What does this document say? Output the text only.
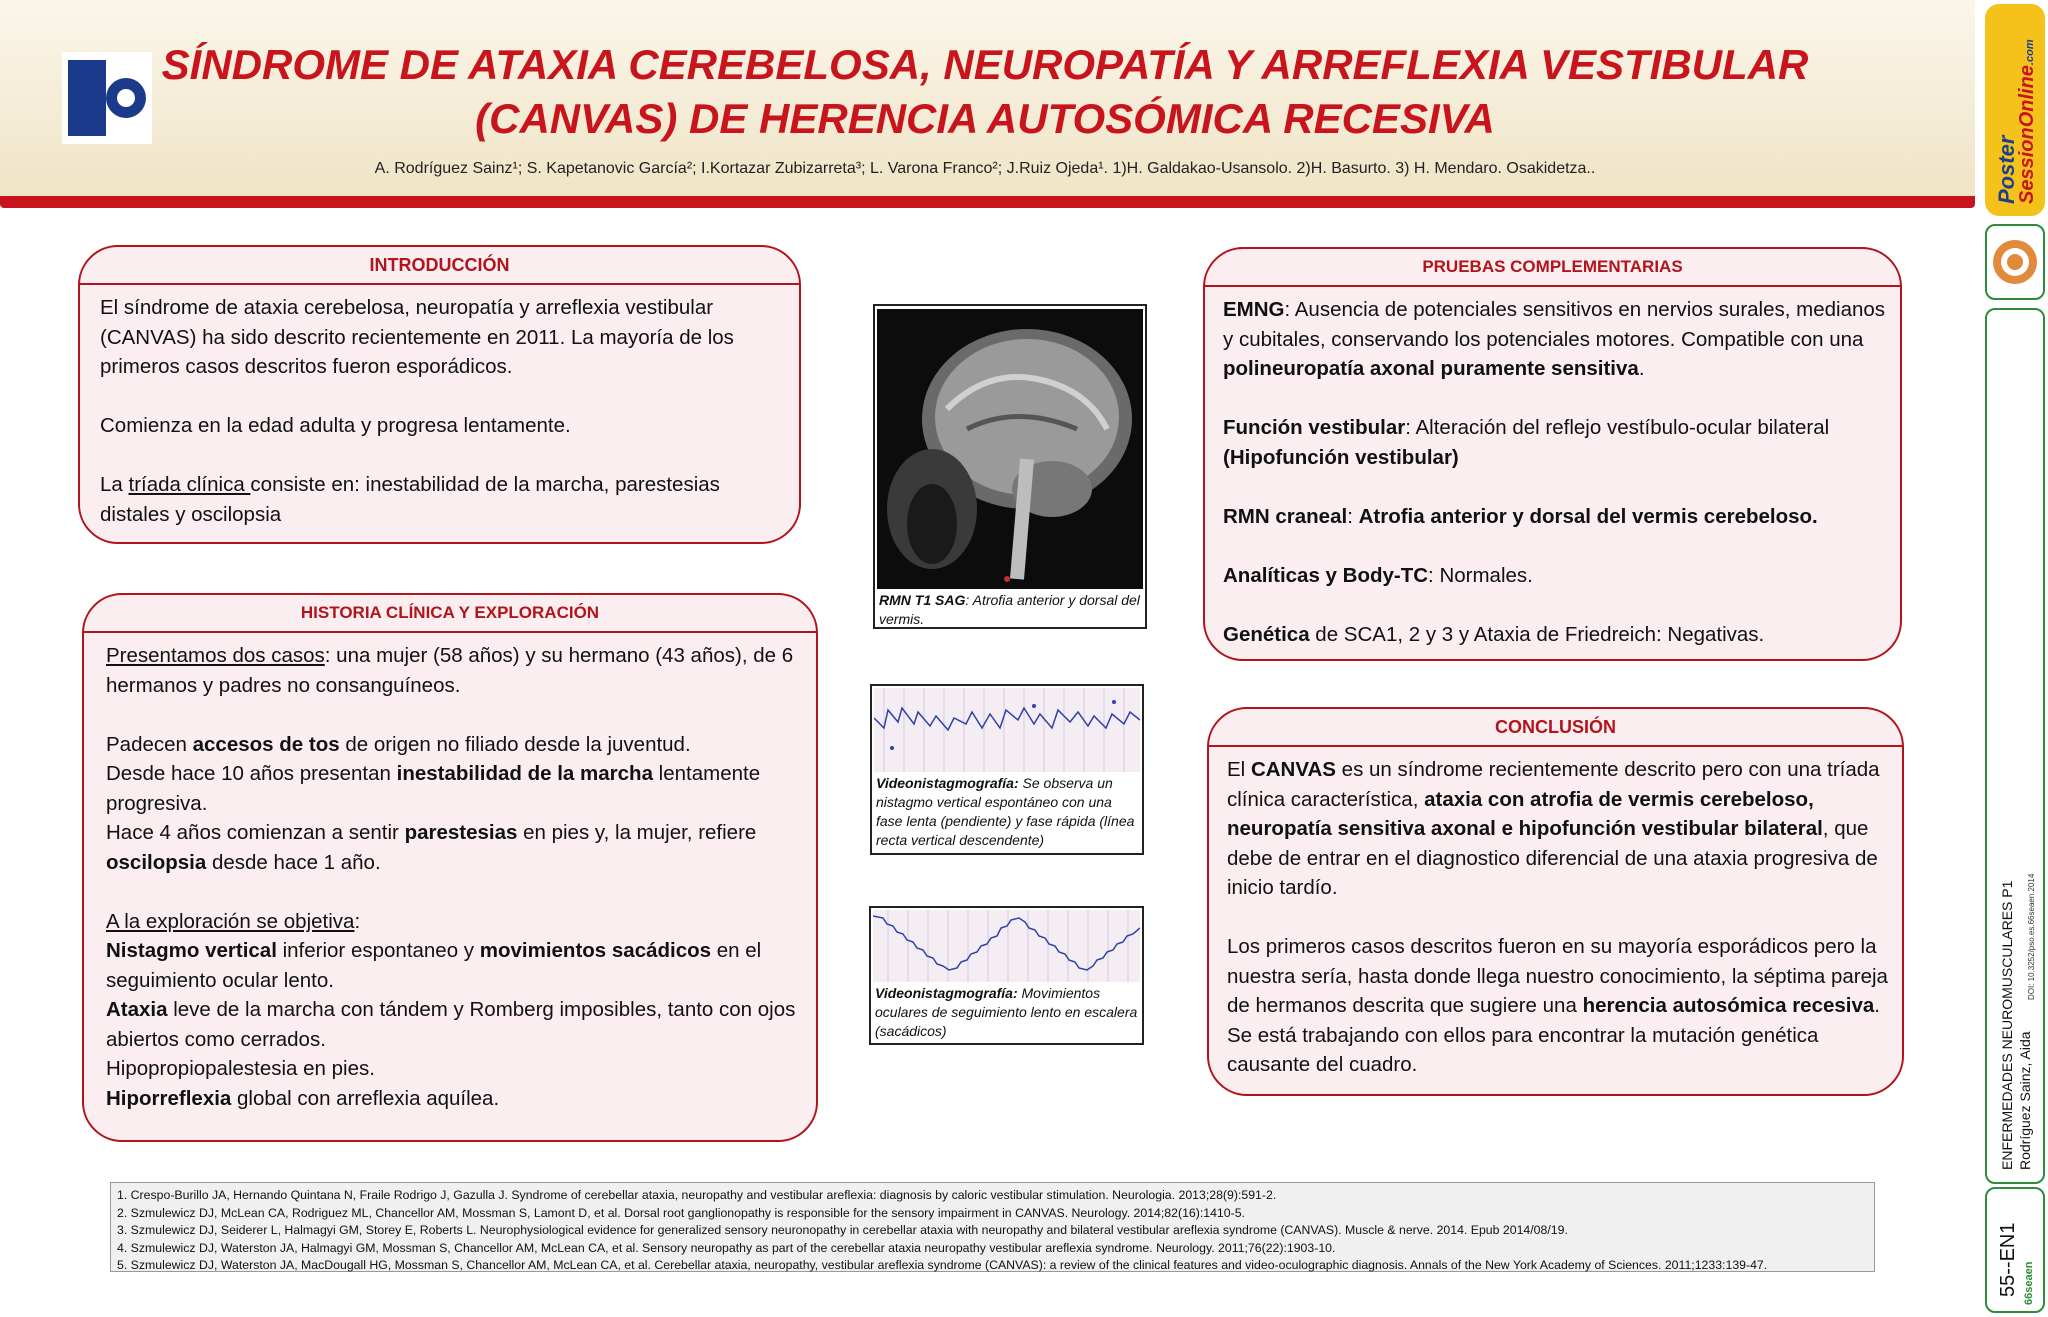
SÍNDROME DE ATAXIA CEREBELOSA, NEUROPATÍA Y ARREFLEXIA VESTIBULAR
(CANVAS) DE HERENCIA AUTOSÓMICA RECESIVA
A. Rodríguez Sainz¹; S. Kapetanovic García²; I.Kortazar Zubizarreta³; L. Varona Franco²; J.Ruiz Ojeda¹. 1)H. Galdakao-Usansolo. 2)H. Basurto. 3) H. Mendaro. Osakidetza..
INTRODUCCIÓN

El síndrome de ataxia cerebelosa, neuropatía y arreflexia vestibular (CANVAS) ha sido descrito recientemente en 2011. La mayoría de los primeros casos descritos fueron esporádicos.

Comienza en la edad adulta y progresa lentamente.

La tríada clínica consiste en: inestabilidad de la marcha, parestesias distales y oscilopsia

HISTORIA CLÍNICA Y EXPLORACIÓN

Presentamos dos casos: una mujer (58 años) y su hermano (43 años), de 6 hermanos y padres no consanguíneos.

Padecen accesos de tos de origen no filiado desde la juventud.

Desde hace 10 años presentan inestabilidad de la marcha lentamente progresiva.

Hace 4 años comienzan a sentir parestesias en pies y, la mujer, refiere oscilopsia desde hace 1 año.

A la exploración se objetiva:

Nistagmo vertical inferior espontaneo y movimientos sacádicos en el seguimiento ocular lento.

Ataxia leve de la marcha con tándem y Romberg imposibles, tanto con ojos abiertos como cerrados.

Hipopropiopalestesia en pies.

Hiporreflexia global con arreflexia aquílea.

RMN T1 SAG: Atrofia anterior y dorsal del vermis.
Videonistagmografía: Se observa un nistagmo vertical espontáneo con una fase lenta (pendiente) y fase rápida (línea recta vertical descendente)
Videonistagmografía: Movimientos oculares de seguimiento lento en escalera (sacádicos)
PRUEBAS COMPLEMENTARIAS

EMNG: Ausencia de potenciales sensitivos en nervios surales, medianos y cubitales, conservando los potenciales motores. Compatible con una polineuropatía axonal puramente sensitiva.

Función vestibular: Alteración del reflejo vestíbulo-ocular bilateral (Hipofunción vestibular)

RMN craneal: Atrofia anterior y dorsal del vermis cerebeloso.

Analíticas y Body-TC: Normales.

Genética de SCA1, 2 y 3 y Ataxia de Friedreich: Negativas.

CONCLUSIÓN

El CANVAS es un síndrome recientemente descrito pero con una tríada clínica característica, ataxia con atrofia de vermis cerebeloso, neuropatía sensitiva axonal e hipofunción vestibular bilateral, que debe de entrar en el diagnostico diferencial de una ataxia progresiva de inicio tardío.

Los primeros casos descritos fueron en su mayoría esporádicos pero la nuestra sería, hasta donde llega nuestro conocimiento, la séptima pareja de hermanos descrita que sugiere una herencia autosómica recesiva. Se está trabajando con ellos para encontrar la mutación genética causante del cuadro.

1. Crespo-Burillo JA, Hernando Quintana N, Fraile Rodrigo J, Gazulla J. Syndrome of cerebellar ataxia, neuropathy and vestibular areflexia: diagnosis by caloric vestibular stimulation. Neurologia. 2013;28(9):591-2.
2. Szmulewicz DJ, McLean CA, Rodriguez ML, Chancellor AM, Mossman S, Lamont D, et al. Dorsal root ganglionopathy is responsible for the sensory impairment in CANVAS. Neurology. 2014;82(16):1410-5.
3. Szmulewicz DJ, Seiderer L, Halmagyi GM, Storey E, Roberts L. Neurophysiological evidence for generalized sensory neuronopathy in cerebellar ataxia with neuropathy and bilateral vestibular areflexia syndrome (CANVAS). Muscle & nerve. 2014. Epub 2014/08/19.
4. Szmulewicz DJ, Waterston JA, Halmagyi GM, Mossman S, Chancellor AM, McLean CA, et al. Sensory neuropathy as part of the cerebellar ataxia neuropathy vestibular areflexia syndrome. Neurology. 2011;76(22):1903-10.
5. Szmulewicz DJ, Waterston JA, MacDougall HG, Mossman S, Chancellor AM, McLean CA, et al. Cerebellar ataxia, neuropathy, vestibular areflexia syndrome (CANVAS): a review of the clinical features and video-oculographic diagnosis. Annals of the New York Academy of Sciences. 2011;1233:139-47.
Poster
SessionOnline.com
DOI: 10.3252/pso.es.66seaen.2014
ENFERMEDADES NEUROMUSCULARES P1 Rodríguez Sainz, Aida
55--EN1 66seaen
